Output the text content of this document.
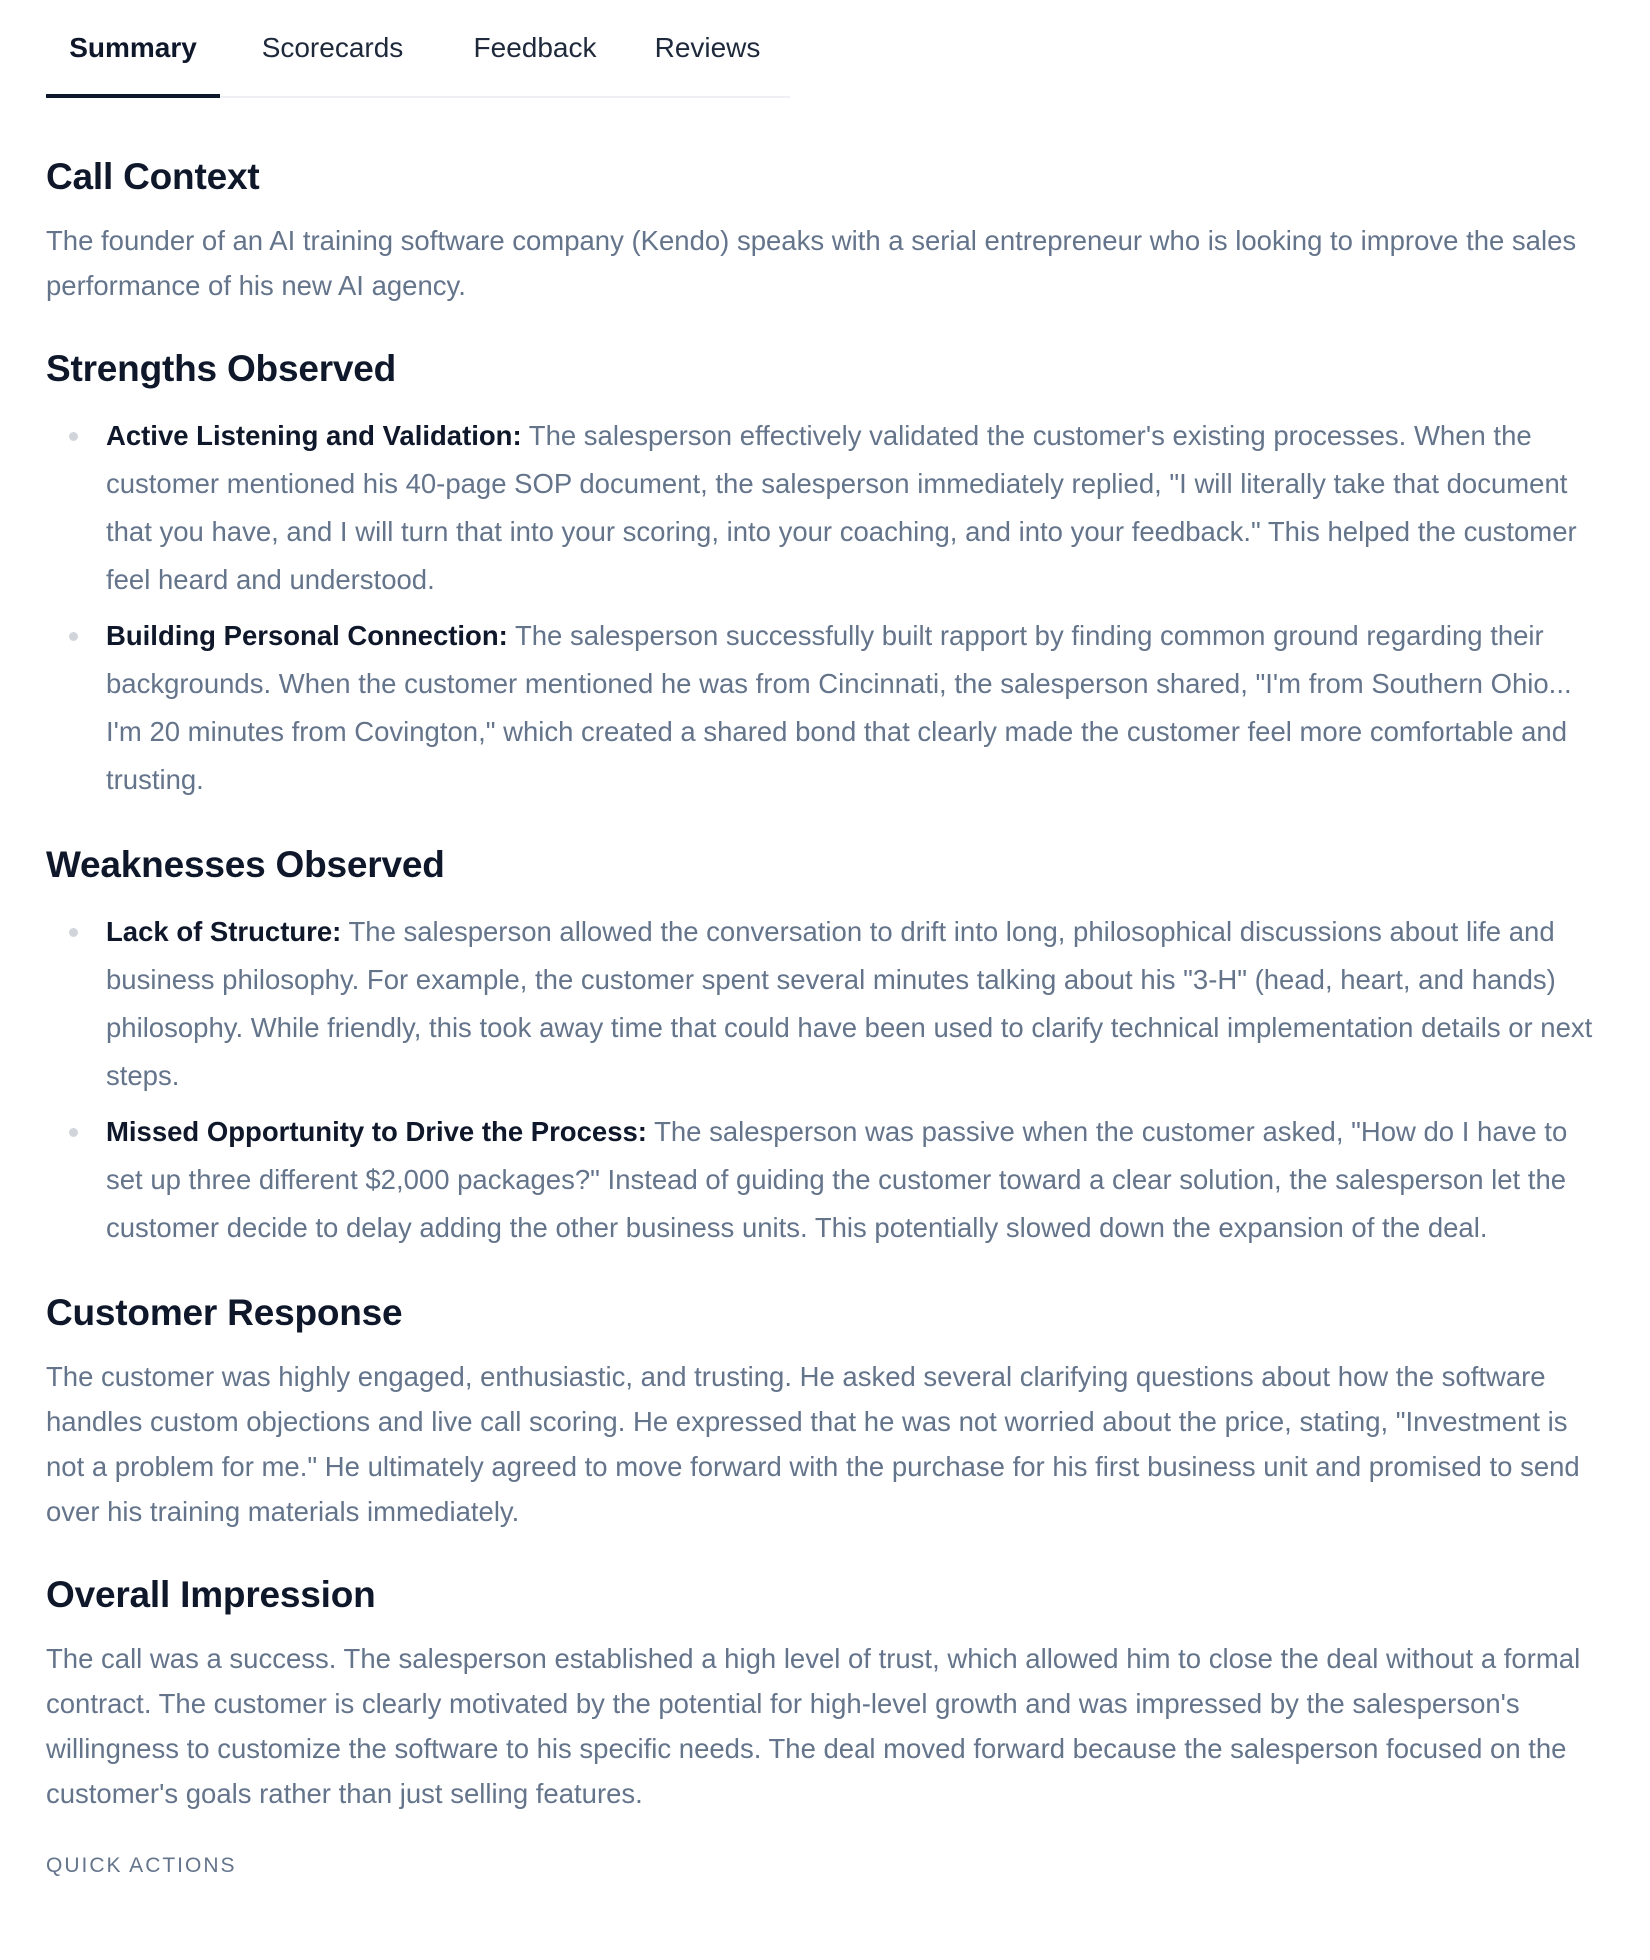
Summary Scorecards	Feedback Reviews
Call Context

The founder of an AI training software company (Kendo) speaks with a serial entrepreneur who is looking to improve the sales performance of his new AI agency.

Strengths Observed
Active Listening and Validation: The salesperson effectively validated the customer's existing processes. When the customer mentioned his 40-page SOP document, the salesperson immediately replied, "I will literally take that document that you have, and I will turn that into your scoring, into your coaching, and into your feedback." This helped the customer feel heard and understood.
Building Personal Connection: The salesperson successfully built rapport by finding common ground regarding their backgrounds. When the customer mentioned he was from Cincinnati, the salesperson shared, "I'm from Southern Ohio... I'm 20 minutes from Covington," which created a shared bond that clearly made the customer feel more comfortable and trusting.
Weaknesses Observed
Lack of Structure: The salesperson allowed the conversation to drift into long, philosophical discussions about life and business philosophy. For example, the customer spent several minutes talking about his "3-H" (head, heart, and hands) philosophy. While friendly, this took away time that could have been used to clarify technical implementation details or next steps.
Missed Opportunity to Drive the Process: The salesperson was passive when the customer asked, "How do I have to set up three different $2,000 packages?" Instead of guiding the customer toward a clear solution, the salesperson let the customer decide to delay adding the other business units. This potentially slowed down the expansion of the deal.
Customer Response

The customer was highly engaged, enthusiastic, and trusting. He asked several clarifying questions about how the software handles custom objections and live call scoring. He expressed that he was not worried about the price, stating, "Investment is not a problem for me." He ultimately agreed to move forward with the purchase for his first business unit and promised to send over his training materials immediately.

Overall Impression

The call was a success. The salesperson established a high level of trust, which allowed him to close the deal without a formal contract. The customer is clearly motivated by the potential for high-level growth and was impressed by the salesperson's willingness to customize the software to his specific needs. The deal moved forward because the salesperson focused on the customer's goals rather than just selling features.

QUICK ACTIONS
